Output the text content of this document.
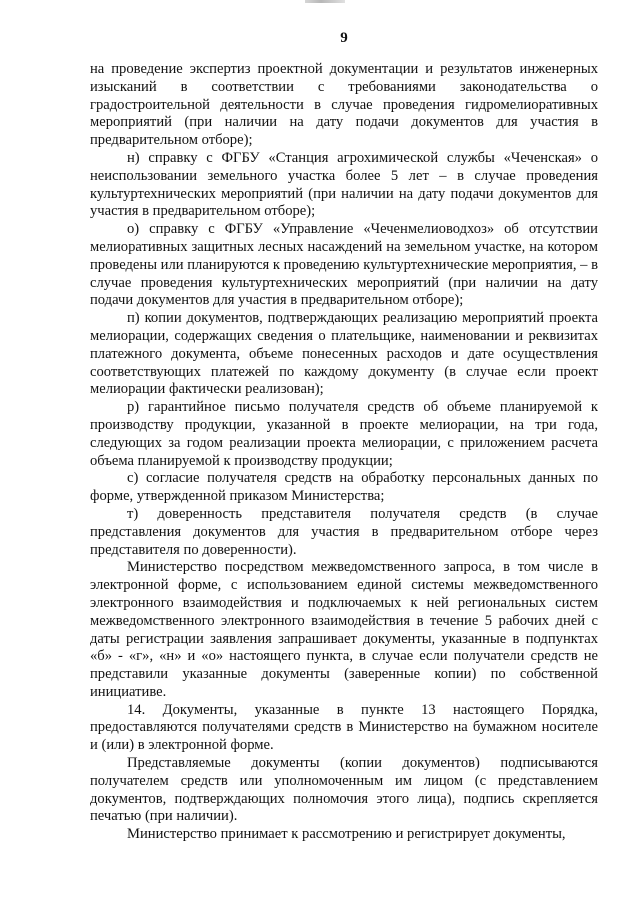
9

на проведение экспертиз проектной документации и результатов инженерных изысканий в соответствии с требованиями законодательства о градостроительной деятельности в случае проведения гидромелиоративных мероприятий (при наличии на дату подачи документов для участия в предварительном отборе);

н) справку с ФГБУ «Станция агрохимической службы «Чеченская» о неиспользовании земельного участка более 5 лет – в случае проведения культуртехнических мероприятий (при наличии на дату подачи документов для участия в предварительном отборе);

о) справку с ФГБУ «Управление «Чеченмелиоводхоз» об отсутствии мелиоративных защитных лесных насаждений на земельном участке, на котором проведены или планируются к проведению культуртехнические мероприятия, – в случае проведения культуртехнических мероприятий (при наличии на дату подачи документов для участия в предварительном отборе);

п) копии документов, подтверждающих реализацию мероприятий проекта мелиорации, содержащих сведения о плательщике, наименовании и реквизитах платежного документа, объеме понесенных расходов и дате осуществления соответствующих платежей по каждому документу (в случае если проект мелиорации фактически реализован);

р) гарантийное письмо получателя средств об объеме планируемой к производству продукции, указанной в проекте мелиорации, на три года, следующих за годом реализации проекта мелиорации, с приложением расчета объема планируемой к производству продукции;

с) согласие получателя средств на обработку персональных данных по форме, утвержденной приказом Министерства;

т) доверенность представителя получателя средств (в случае представления документов для участия в предварительном отборе через представителя по доверенности).

Министерство посредством межведомственного запроса, в том числе в электронной форме, с использованием единой системы межведомственного электронного взаимодействия и подключаемых к ней региональных систем межведомственного электронного взаимодействия в течение 5 рабочих дней с даты регистрации заявления запрашивает документы, указанные в подпунктах «б» - «г», «н» и «о» настоящего пункта, в случае если получатели средств не представили указанные документы (заверенные копии) по собственной инициативе.

14. Документы, указанные в пункте 13 настоящего Порядка, предоставляются получателями средств в Министерство на бумажном носителе и (или) в электронной форме.

Представляемые документы (копии документов) подписываются получателем средств или уполномоченным им лицом (с представлением документов, подтверждающих полномочия этого лица), подпись скрепляется печатью (при наличии).

Министерство принимает к рассмотрению и регистрирует документы,
